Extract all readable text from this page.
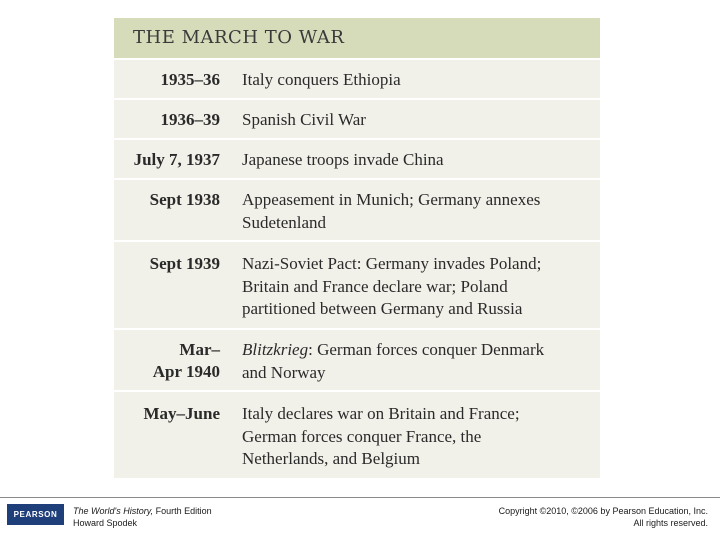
THE MARCH TO WAR
1935–36 Italy conquers Ethiopia
1936–39 Spanish Civil War
July 7, 1937 Japanese troops invade China
Sept 1938 Appeasement in Munich; Germany annexes
Sudetenland
Sept 1939 Nazi-Soviet Pact: Germany invades Poland;
Britain and France declare war; Poland
partitioned between Germany and Russia
Mar–
Apr 1940
Blitzkrieg: German forces conquer Denmark
and Norway
May–June Italy declares war on Britain and France;
German forces conquer France, the
Netherlands, and Belgium
PEARSON	The World's History, Fourth Edition
Howard Spodek
Copyright ©2010, ©2006 by Pearson Education, Inc.
All rights reserved.
